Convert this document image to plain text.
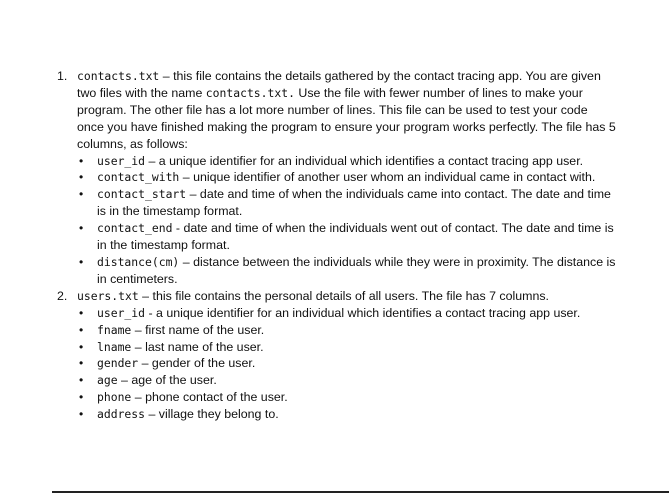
1. contacts.txt – this file contains the details gathered by the contact tracing app. You are given two files with the name contacts.txt. Use the file with fewer number of lines to make your program. The other file has a lot more number of lines. This file can be used to test your code once you have finished making the program to ensure your program works perfectly. The file has 5 columns, as follows:
• user_id – a unique identifier for an individual which identifies a contact tracing app user.
• contact_with – unique identifier of another user whom an individual came in contact with.
• contact_start – date and time of when the individuals came into contact. The date and time is in the timestamp format.
• contact_end - date and time of when the individuals went out of contact. The date and time is in the timestamp format.
• distance(cm) – distance between the individuals while they were in proximity. The distance is in centimeters.
2. users.txt – this file contains the personal details of all users. The file has 7 columns.
• user_id - a unique identifier for an individual which identifies a contact tracing app user.
• fname – first name of the user.
• lname – last name of the user.
• gender – gender of the user.
• age – age of the user.
• phone – phone contact of the user.
• address – village they belong to.
